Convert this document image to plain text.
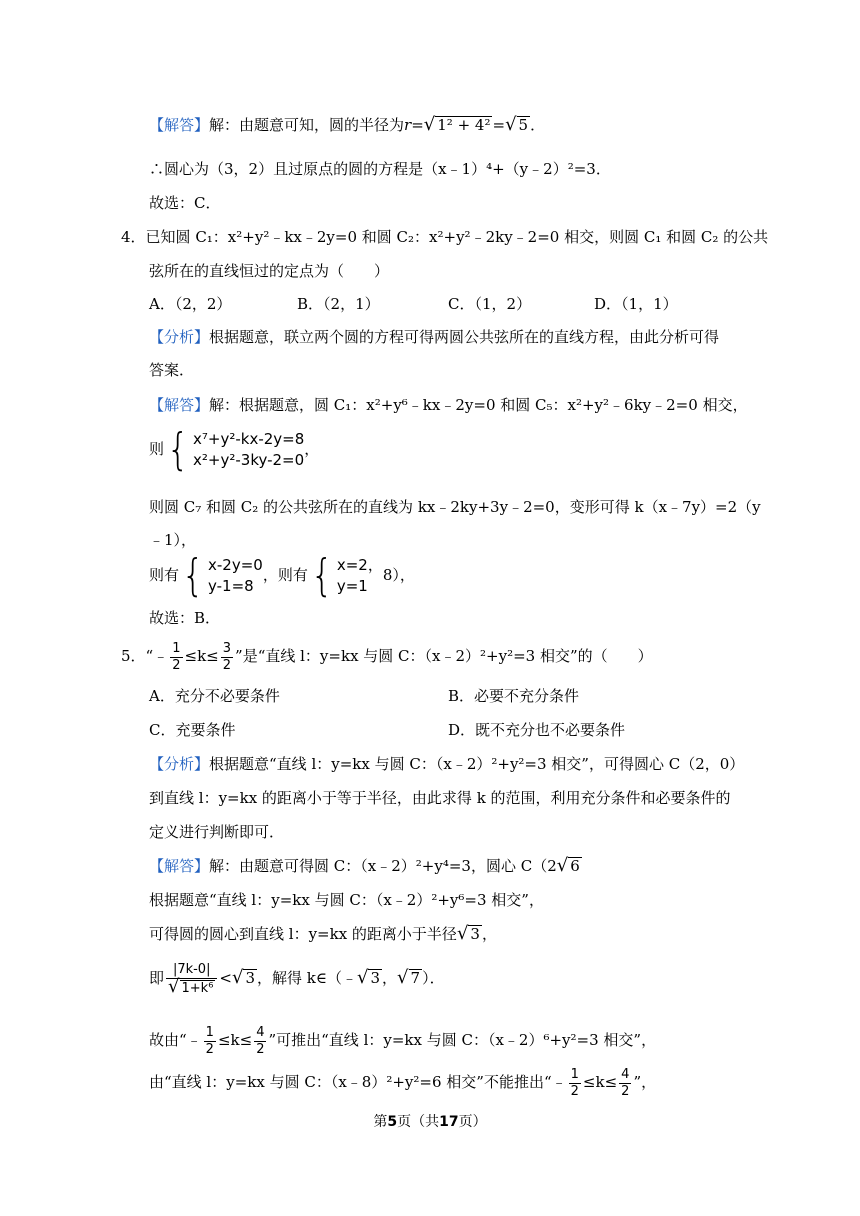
【解答】解：由题意可知，圆的半径为r=√ 1² + 4² =√ 5 ．
∴圆心为（3，2）且过原点的圆的方程是（x﹣1）⁴+（y﹣2）²=3．
故选：C．
4．已知圆 C₁：x²+y²﹣kx﹣2y=0 和圆 C₂：x²+y²﹣2ky﹣2=0 相交，则圆 C₁ 和圆 C₂ 的公共
弦所在的直线恒过的定点为（　　）
A．（2，2）	B．（2，1）	C．（1，2）	D．（1，1）
【分析】根据题意，联立两个圆的方程可得两圆公共弦所在的直线方程，由此分析可得
答案．
【解答】解：根据题意，圆 C₁：x²+y⁶﹣kx﹣2y=0 和圆 C₅：x²+y²﹣6ky﹣2=0 相交，
则 { x⁷+y²-kx-2y=8
x²+y²-3ky-2=0
，
则圆 C₇ 和圆 C₂ 的公共弦所在的直线为 kx﹣2ky+3y﹣2=0，变形可得 k（x﹣7y）=2（y
﹣1），
则有 { x-2y=0
y-1=8
，则有 { x=2，
y=1
8），
故选：B．
5．“﹣ $\frac{1}{2} \le k\le \frac{3}{2}$ ”是“直线 l：y=kx 与圆 C：（x﹣2）²+y²=3 相交”的（　　）
A．充分不必要条件	B．必要不充分条件
C．充要条件	D．既不充分也不必要条件
【分析】根据题意“直线 l：y=kx 与圆 C：（x﹣2）²+y²=3 相交”，可得圆心 C（2，0）
到直线 l：y=kx 的距离小于等于半径，由此求得 k 的范围，利用充分条件和必要条件的
定义进行判断即可．
【解答】解：由题意可得圆 C：（x﹣2）²+y⁴=3，圆心 C（2√ 6
根据题意“直线 l：y=kx 与圆 C：（x﹣2）²+y⁶=3 相交”，
可得圆的圆心到直线 l：y=kx 的距离小于半径√ 3 ，
即 $\frac{|7k-0|}{\text{√ 1+k⁶}}$ <√ 3 ，解得 k∈（﹣√ 3 ，√ 7 ）．
故由“﹣ $\frac{1}{2} \le k\le \frac{4}{2}$ ”可推出“直线 l：y=kx 与圆 C：（x﹣2）⁶+y²=3 相交”，
由“直线 l：y=kx 与圆 C：（x﹣8）²+y²=6 相交”不能推出“﹣ $\frac{1}{2} \le k\le \frac{4}{2}$ ”，
第5页（共17页）
